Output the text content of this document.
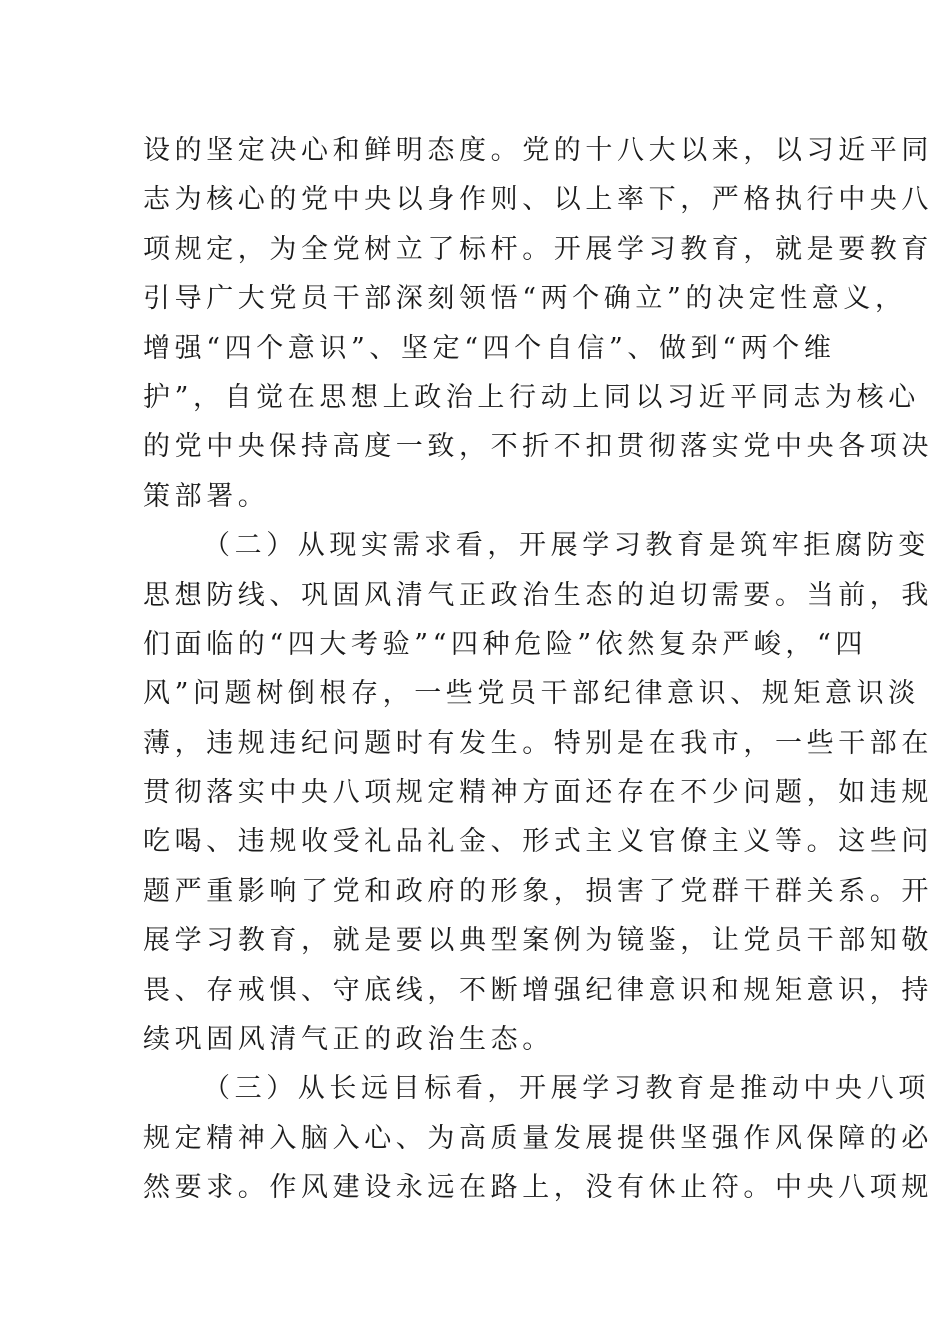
设的坚定决心和鲜明态度。党的十八大以来，以习近平同
志为核心的党中央以身作则、以上率下，严格执行中央八
项规定，为全党树立了标杆。开展学习教育，就是要教育
引导广大党员干部深刻领悟“两个确立”的决定性意义，
增强“四个意识”、坚定“四个自信”、做到“两个维
护”，自觉在思想上政治上行动上同以习近平同志为核心
的党中央保持高度一致，不折不扣贯彻落实党中央各项决
策部署。
（二）从现实需求看，开展学习教育是筑牢拒腐防变
思想防线、巩固风清气正政治生态的迫切需要。当前，我
们面临的“四大考验”“四种危险”依然复杂严峻，“四
风”问题树倒根存，一些党员干部纪律意识、规矩意识淡
薄，违规违纪问题时有发生。特别是在我市，一些干部在
贯彻落实中央八项规定精神方面还存在不少问题，如违规
吃喝、违规收受礼品礼金、形式主义官僚主义等。这些问
题严重影响了党和政府的形象，损害了党群干群关系。开
展学习教育，就是要以典型案例为镜鉴，让党员干部知敬
畏、存戒惧、守底线，不断增强纪律意识和规矩意识，持
续巩固风清气正的政治生态。
（三）从长远目标看，开展学习教育是推动中央八项
规定精神入脑入心、为高质量发展提供坚强作风保障的必
然要求。作风建设永远在路上，没有休止符。中央八项规
